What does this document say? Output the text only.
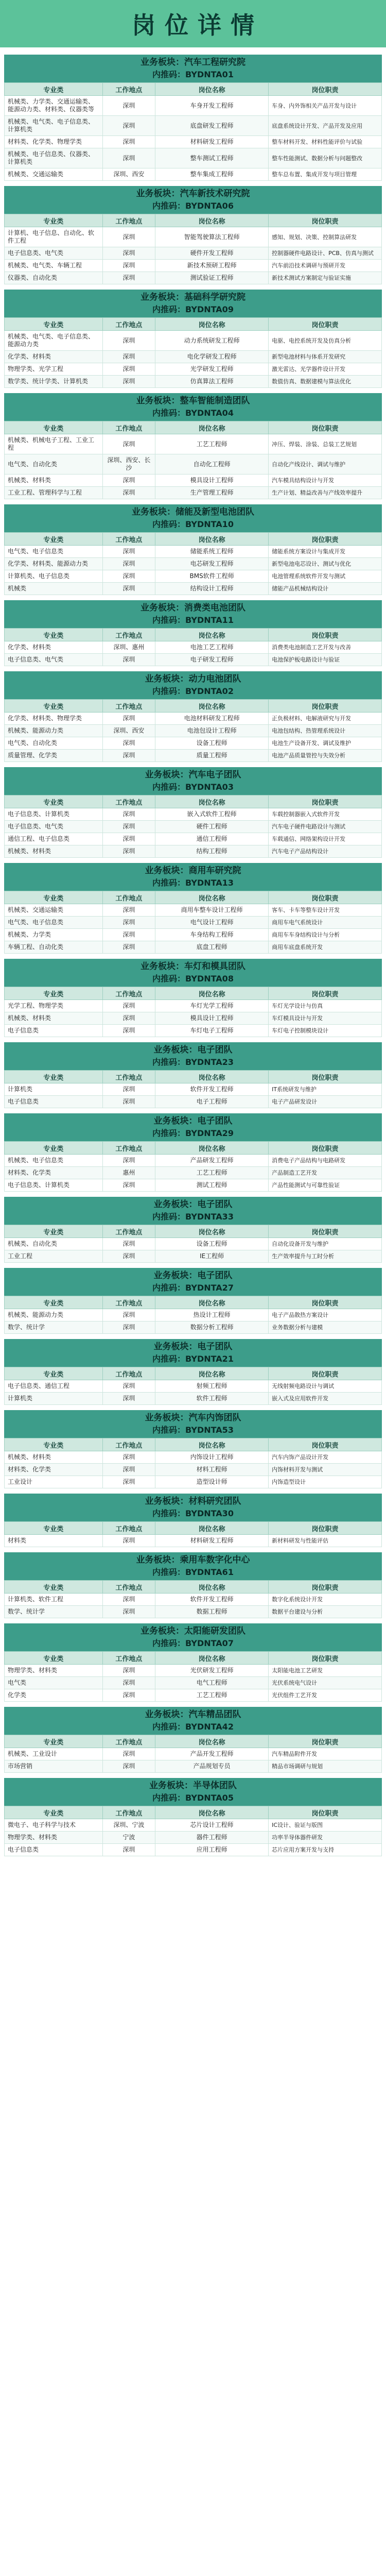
岗位详情
业务板块：汽车工程研究院
内推码：BYDNTA01
专业类	工作地点	岗位名称	岗位职责
机械类、力学类、交通运输类、能源动力类、材料类、仪器类等	深圳	车身开发工程师	车身、内外饰相关产品开发与设计
机械类、电气类、电子信息类、计算机类	深圳	底盘研发工程师	底盘系统设计开发、产品开发及应用
材料类、化学类、物理学类	深圳	材料研发工程师	整车材料开发、材料性能评价与试验
机械类、电子信息类、仪器类、计算机类	深圳	整车测试工程师	整车性能测试、数据分析与问题整改
机械类、交通运输类	深圳、西安	整车集成工程师	整车总布置、集成开发与项目管理
业务板块：汽车新技术研究院
内推码：BYDNTA06
专业类	工作地点	岗位名称	岗位职责
计算机、电子信息、自动化、软件工程	深圳	智能驾驶算法工程师	感知、规划、决策、控制算法研发
电子信息类、电气类	深圳	硬件开发工程师	控制器硬件电路设计、PCB、仿真与测试
机械类、电气类、车辆工程	深圳	新技术预研工程师	汽车前沿技术调研与预研开发
仪器类、自动化类	深圳	测试验证工程师	新技术测试方案制定与验证实施
业务板块：基础科学研究院
内推码：BYDNTA09
专业类	工作地点	岗位名称	岗位职责
机械类、电气类、电子信息类、能源动力类	深圳	动力系统研发工程师	电驱、电控系统开发及仿真分析
化学类、材料类	深圳	电化学研发工程师	新型电池材料与体系开发研究
物理学类、光学工程	深圳	光学研发工程师	激光雷达、光学器件设计开发
数学类、统计学类、计算机类	深圳	仿真算法工程师	数值仿真、数据建模与算法优化
业务板块：整车智能制造团队
内推码：BYDNTA04
专业类	工作地点	岗位名称	岗位职责
机械类、机械电子工程、工业工程	深圳	工艺工程师	冲压、焊装、涂装、总装工艺规划
电气类、自动化类	深圳、西安、长沙	自动化工程师	自动化产线设计、调试与维护
机械类、材料类	深圳	模具设计工程师	汽车模具结构设计与开发
工业工程、管理科学与工程	深圳	生产管理工程师	生产计划、精益改善与产线效率提升
业务板块：储能及新型电池团队
内推码：BYDNTA10
专业类	工作地点	岗位名称	岗位职责
电气类、电子信息类	深圳	储能系统工程师	储能系统方案设计与集成开发
化学类、材料类、能源动力类	深圳	电芯研发工程师	新型电池电芯设计、测试与优化
计算机类、电子信息类	深圳	BMS软件工程师	电池管理系统软件开发与测试
机械类	深圳	结构设计工程师	储能产品机械结构设计
业务板块：消费类电池团队
内推码：BYDNTA11
专业类	工作地点	岗位名称	岗位职责
化学类、材料类	深圳、惠州	电池工艺工程师	消费类电池制造工艺开发与改善
电子信息类、电气类	深圳	电子研发工程师	电池保护板电路设计与验证
业务板块：动力电池团队
内推码：BYDNTA02
专业类	工作地点	岗位名称	岗位职责
化学类、材料类、物理学类	深圳	电池材料研发工程师	正负极材料、电解液研究与开发
机械类、能源动力类	深圳、西安	电池包设计工程师	电池包结构、热管理系统设计
电气类、自动化类	深圳	设备工程师	电池生产设备开发、调试及维护
质量管理、化学类	深圳	质量工程师	电池产品质量管控与失效分析
业务板块：汽车电子团队
内推码：BYDNTA03
专业类	工作地点	岗位名称	岗位职责
电子信息类、计算机类	深圳	嵌入式软件工程师	车载控制器嵌入式软件开发
电子信息类、电气类	深圳	硬件工程师	汽车电子硬件电路设计与测试
通信工程、电子信息类	深圳	通信工程师	车载通信、网络架构设计开发
机械类、材料类	深圳	结构工程师	汽车电子产品结构设计
业务板块：商用车研究院
内推码：BYDNTA13
专业类	工作地点	岗位名称	岗位职责
机械类、交通运输类	深圳	商用车整车设计工程师	客车、卡车等整车设计开发
电气类、电子信息类	深圳	电气设计工程师	商用车电气系统设计
机械类、力学类	深圳	车身结构工程师	商用车车身结构设计与分析
车辆工程、自动化类	深圳	底盘工程师	商用车底盘系统开发
业务板块：车灯和模具团队
内推码：BYDNTA08
专业类	工作地点	岗位名称	岗位职责
光学工程、物理学类	深圳	车灯光学工程师	车灯光学设计与仿真
机械类、材料类	深圳	模具设计工程师	车灯模具设计与开发
电子信息类	深圳	车灯电子工程师	车灯电子控制模块设计
业务板块：电子团队
内推码：BYDNTA23
专业类	工作地点	岗位名称	岗位职责
计算机类	深圳	软件开发工程师	IT系统研发与维护
电子信息类	深圳	电子工程师	电子产品研发设计
业务板块：电子团队
内推码：BYDNTA29
专业类	工作地点	岗位名称	岗位职责
机械类、电子信息类	深圳	产品研发工程师	消费电子产品结构与电路研发
材料类、化学类	惠州	工艺工程师	产品制造工艺开发
电子信息类、计算机类	深圳	测试工程师	产品性能测试与可靠性验证
业务板块：电子团队
内推码：BYDNTA33
专业类	工作地点	岗位名称	岗位职责
机械类、自动化类	深圳	设备工程师	自动化设备开发与维护
工业工程	深圳	IE工程师	生产效率提升与工时分析
业务板块：电子团队
内推码：BYDNTA27
专业类	工作地点	岗位名称	岗位职责
机械类、能源动力类	深圳	热设计工程师	电子产品散热方案设计
数学、统计学	深圳	数据分析工程师	业务数据分析与建模
业务板块：电子团队
内推码：BYDNTA21
专业类	工作地点	岗位名称	岗位职责
电子信息类、通信工程	深圳	射频工程师	无线射频电路设计与调试
计算机类	深圳	软件工程师	嵌入式及应用软件开发
业务板块：汽车内饰团队
内推码：BYDNTA53
专业类	工作地点	岗位名称	岗位职责
机械类、材料类	深圳	内饰设计工程师	汽车内饰产品设计开发
材料类、化学类	深圳	材料工程师	内饰材料开发与测试
工业设计	深圳	造型设计师	内饰造型设计
业务板块：材料研究团队
内推码：BYDNTA30
专业类	工作地点	岗位名称	岗位职责
材料类	深圳	材料研发工程师	新材料研发与性能评估
业务板块：乘用车数字化中心
内推码：BYDNTA61
专业类	工作地点	岗位名称	岗位职责
计算机类、软件工程	深圳	软件开发工程师	数字化系统设计开发
数学、统计学	深圳	数据工程师	数据平台建设与分析
业务板块：太阳能研发团队
内推码：BYDNTA07
专业类	工作地点	岗位名称	岗位职责
物理学类、材料类	深圳	光伏研发工程师	太阳能电池工艺研发
电气类	深圳	电气工程师	光伏系统电气设计
化学类	深圳	工艺工程师	光伏组件工艺开发
业务板块：汽车精品团队
内推码：BYDNTA42
专业类	工作地点	岗位名称	岗位职责
机械类、工业设计	深圳	产品开发工程师	汽车精品附件开发
市场营销	深圳	产品规划专员	精品市场调研与规划
业务板块：半导体团队
内推码：BYDNTA05
专业类	工作地点	岗位名称	岗位职责
微电子、电子科学与技术	深圳、宁波	芯片设计工程师	IC设计、验证与版图
物理学类、材料类	宁波	器件工程师	功率半导体器件研发
电子信息类	深圳	应用工程师	芯片应用方案开发与支持
